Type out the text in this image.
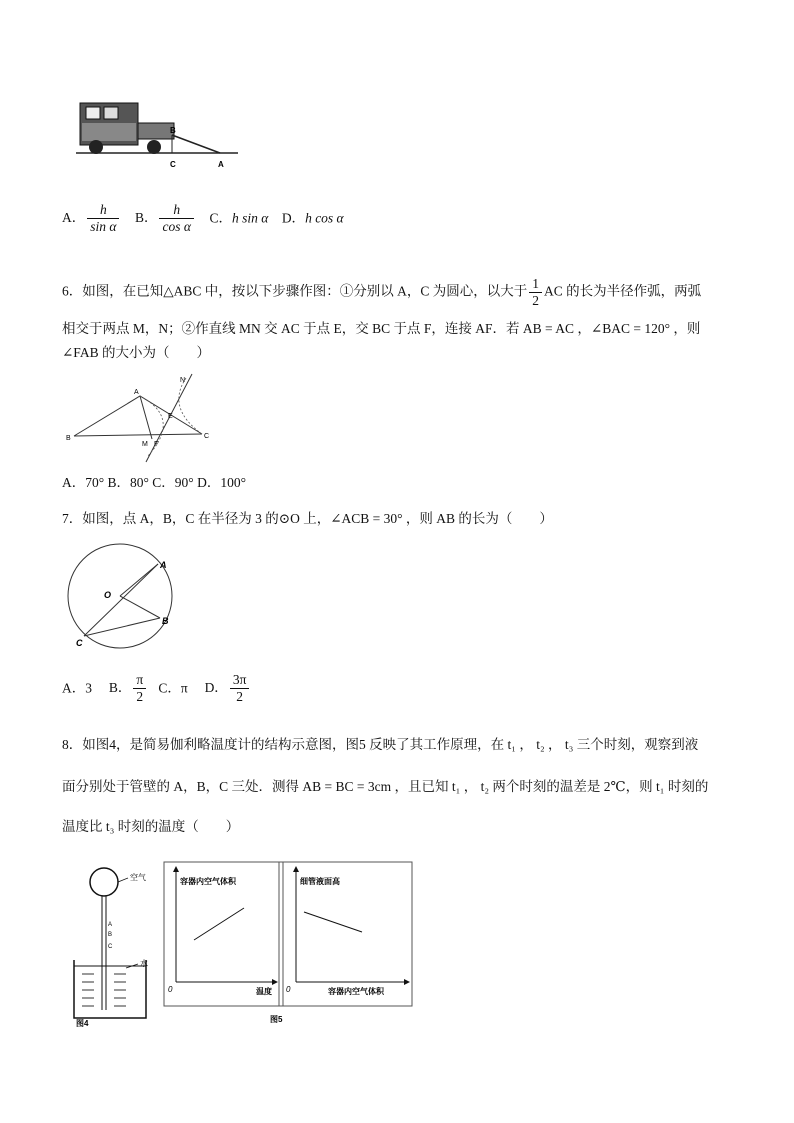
B
C	A
A． $\frac{h}{\text{sin α}}$ B． $\frac{h}{\text{cos α}}$ C．h sin α D．h cos α
6．如图，在已知△ABC 中，按以下步骤作图：①分别以 A，C 为圆心，以大于 $\frac{1}{2}$ AC 的长为半径作弧，两弧
相交于两点 M，N；②作直线 MN 交 AC 于点 E，交 BC 于点 F，连接 AF．若 AB = AC ，∠BAC = 120° ，则
∠FAB 的大小为（　　）
A
B	C
N
E
M F
A．70° B．80° C．90° D．100°
7．如图，点 A，B，C 在半径为 3 的⊙O 上，∠ACB = 30° ，则 AB 的长为（　　）
A
O
B
C
A．3 B． $\frac{\pi}{2}$ C．π D． $\frac{3\pi}{2}$
8．如图4，是简易伽利略温度计的结构示意图，图5 反映了其工作原理，在 t₁ ， t₂ ， t₃ 三个时刻，观察到液
面分别处于管壁的 A，B，C 三处．测得 AB = BC = 3cm ，且已知 t₁ ， t₂ 两个时刻的温差是 2℃，则 t₁ 时刻的
温度比 t₃ 时刻的温度（　　）
空气
水
A
B
C
图4
容器内空气体积
温度
0
细管液面高
容器内空气体积
0
图5
